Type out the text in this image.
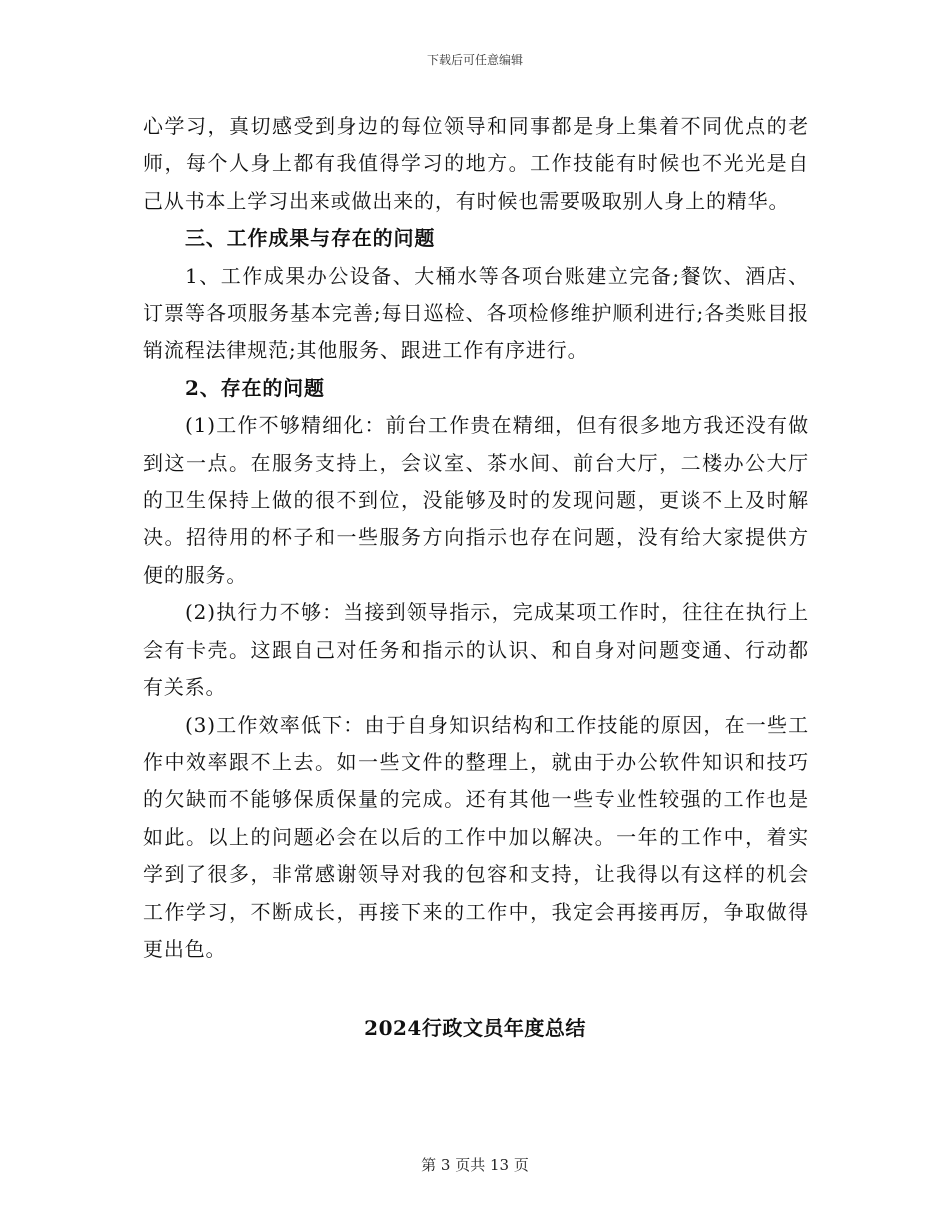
下载后可任意编辑

心学习，真切感受到身边的每位领导和同事都是身上集着不同优点的老师，每个人身上都有我值得学习的地方。工作技能有时候也不光光是自己从书本上学习出来或做出来的，有时候也需要吸取别人身上的精华。

三、工作成果与存在的问题

1、工作成果办公设备、大桶水等各项台账建立完备;餐饮、酒店、订票等各项服务基本完善;每日巡检、各项检修维护顺利进行;各类账目报销流程法律规范;其他服务、跟进工作有序进行。

2、存在的问题

(1)工作不够精细化：前台工作贵在精细，但有很多地方我还没有做到这一点。在服务支持上，会议室、茶水间、前台大厅，二楼办公大厅的卫生保持上做的很不到位，没能够及时的发现问题，更谈不上及时解决。招待用的杯子和一些服务方向指示也存在问题，没有给大家提供方便的服务。

(2)执行力不够：当接到领导指示，完成某项工作时，往往在执行上会有卡壳。这跟自己对任务和指示的认识、和自身对问题变通、行动都有关系。

(3)工作效率低下：由于自身知识结构和工作技能的原因，在一些工作中效率跟不上去。如一些文件的整理上，就由于办公软件知识和技巧的欠缺而不能够保质保量的完成。还有其他一些专业性较强的工作也是如此。以上的问题必会在以后的工作中加以解决。一年的工作中，着实学到了很多，非常感谢领导对我的包容和支持，让我得以有这样的机会工作学习，不断成长，再接下来的工作中，我定会再接再厉，争取做得更出色。

2024行政文员年度总结
第 3 页共 13 页
